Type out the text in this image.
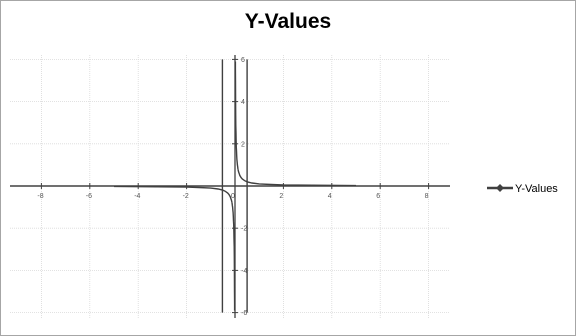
Y-Values
-8	-6	-4	-2	0	2	4	6	8
-6
-4
-2
2
4
6
Y-Values
